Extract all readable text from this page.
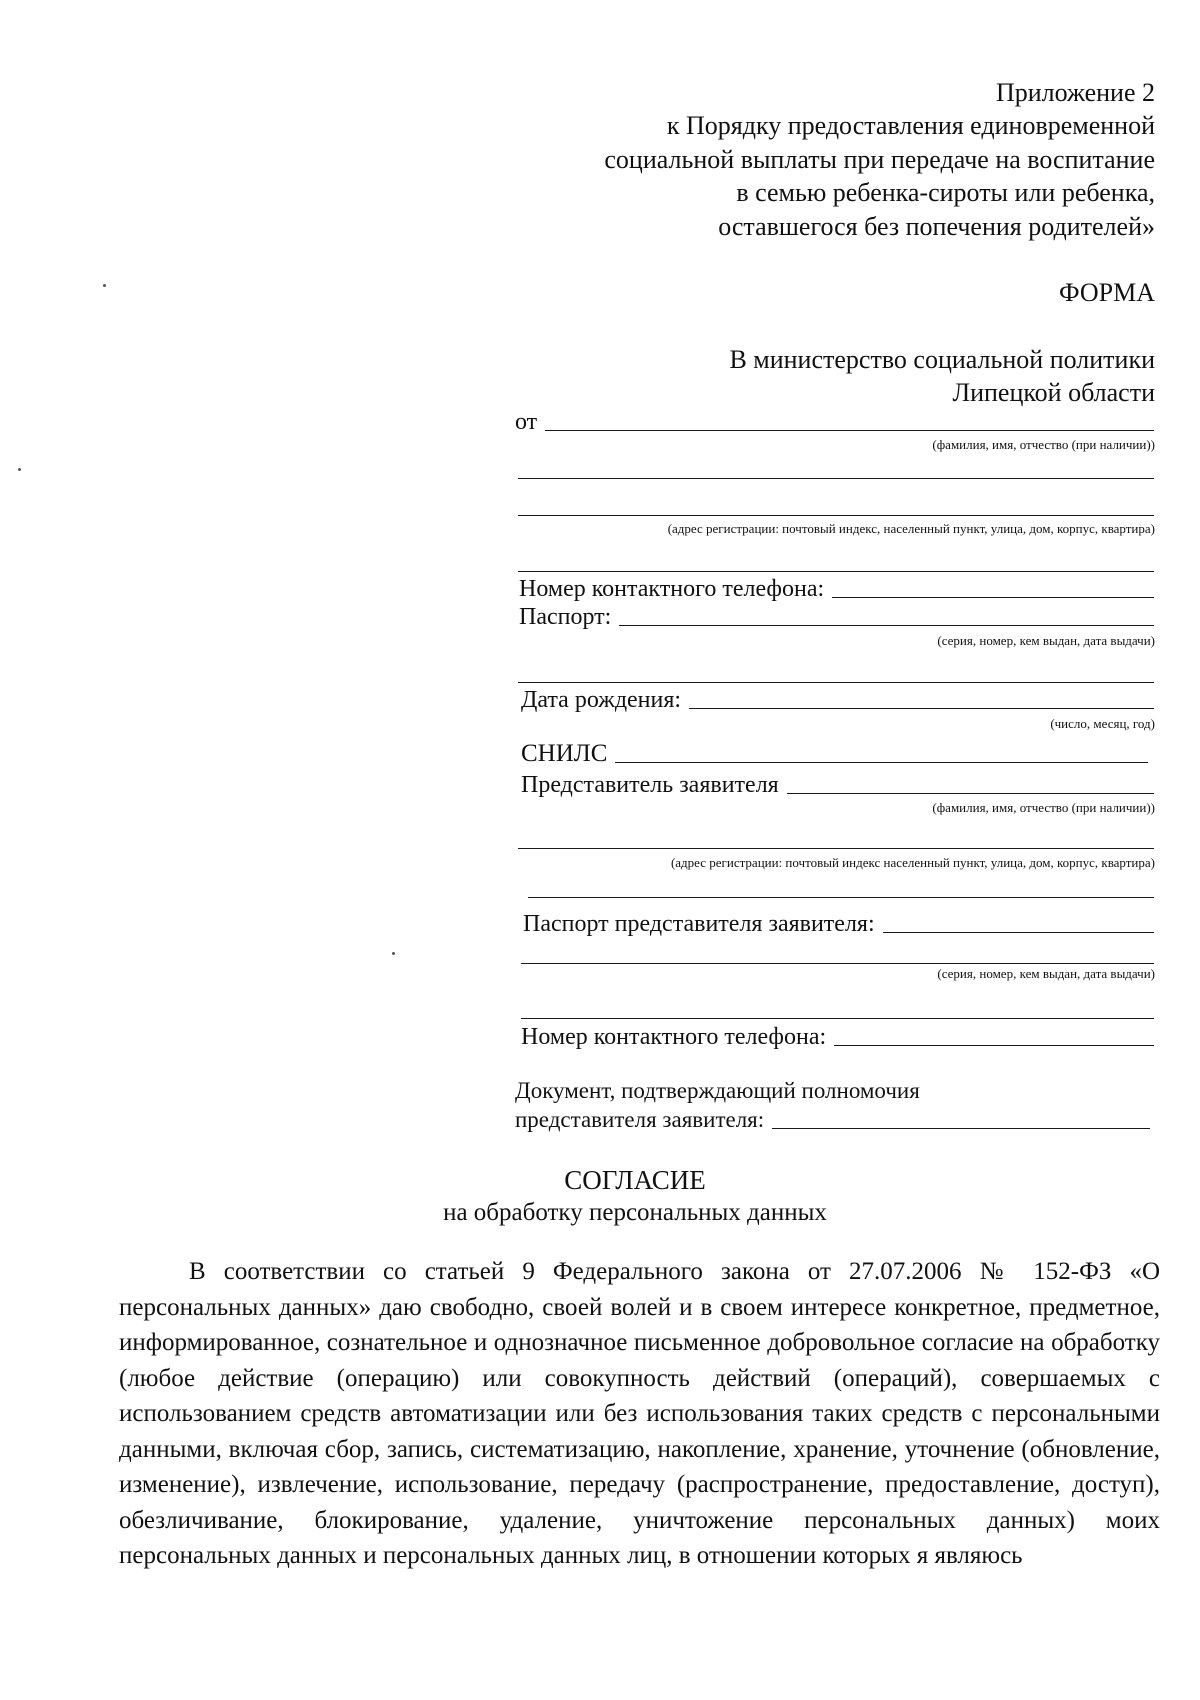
Приложение 2
к Порядку предоставления единовременной
социальной выплаты при передаче на воспитание
в семью ребенка-сироты или ребенка,
оставшегося без попечения родителей»
ФОРМА
В министерство социальной политики
Липецкой области
от
(фамилия, имя, отчество (при наличии))
(адрес регистрации: почтовый индекс, населенный пункт, улица, дом, корпус, квартира)
Номер контактного телефона:
Паспорт:
(серия, номер, кем выдан, дата выдачи)
Дата рождения:
(число, месяц, год)
СНИЛС
Представитель заявителя
(фамилия, имя, отчество (при наличии))
(адрес регистрации: почтовый индекс населенный пункт, улица, дом, корпус, квартира)
Паспорт представителя заявителя:
(серия, номер, кем выдан, дата выдачи)
Номер контактного телефона:
Документ, подтверждающий полномочия
представителя заявителя:
СОГЛАСИЕ
на обработку персональных данных
В соответствии со статьей 9 Федерального закона от 27.07.2006 № 152-ФЗ «О персональных данных» даю свободно, своей волей и в своем интересе конкретное, предметное, информированное, сознательное и однозначное письменное добровольное согласие на обработку (любое действие (операцию) или совокупность действий (операций), совершаемых с использованием средств автоматизации или без использования таких средств с персональными данными, включая сбор, запись, систематизацию, накопление, хранение, уточнение (обновление, изменение), извлечение, использование, передачу (распространение, предоставление, доступ), обезличивание, блокирование, удаление, уничтожение персональных данных) моих персональных данных и персональных данных лиц, в отношении которых я являюсь
